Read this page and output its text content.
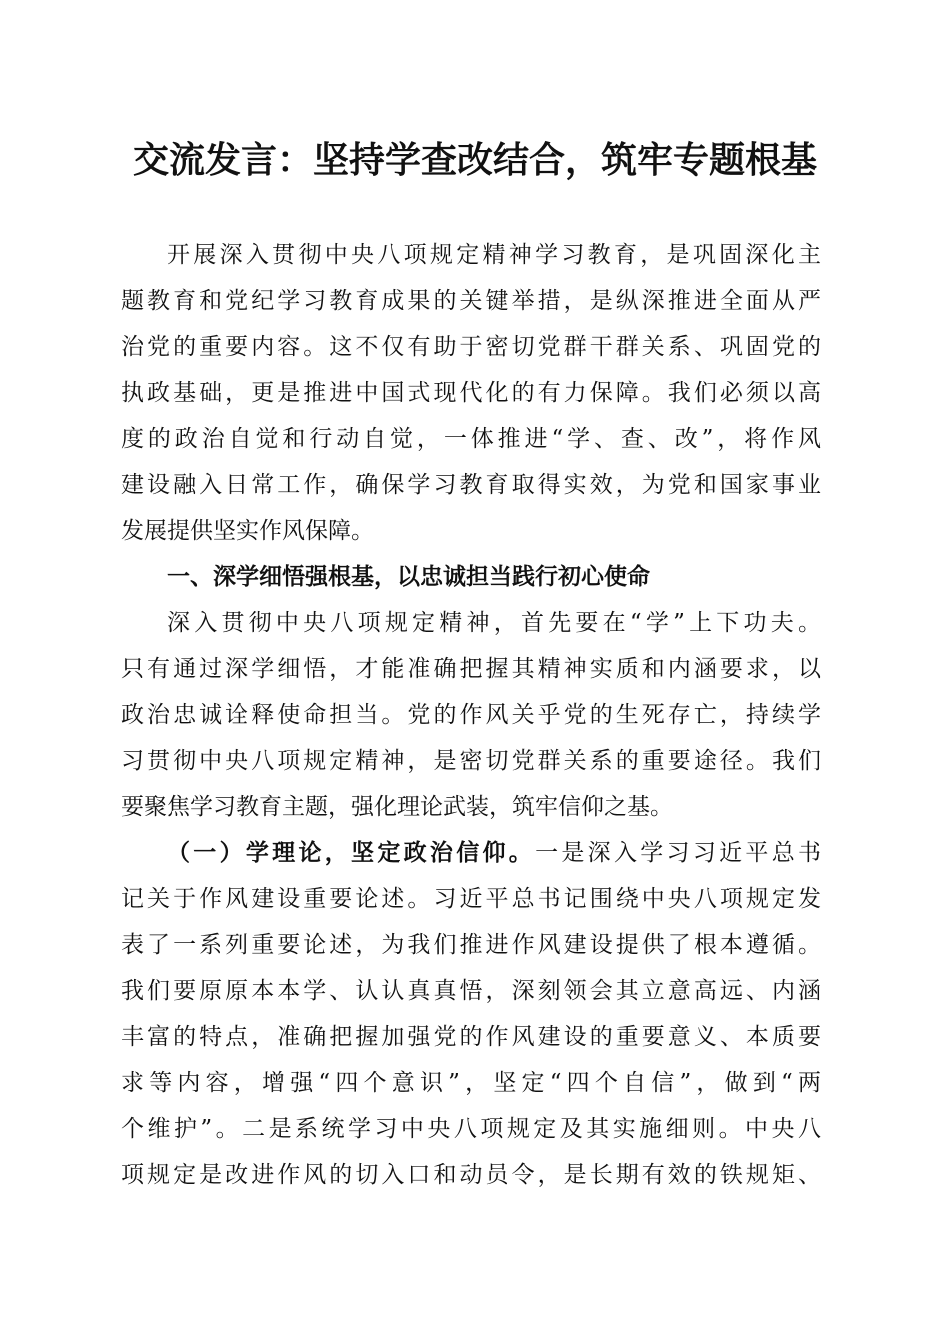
交流发言：坚持学查改结合，筑牢专题根基
开展深入贯彻中央八项规定精神学习教育，是巩固深化主
题教育和党纪学习教育成果的关键举措，是纵深推进全面从严
治党的重要内容。这不仅有助于密切党群干群关系、巩固党的
执政基础，更是推进中国式现代化的有力保障。我们必须以高
度的政治自觉和行动自觉，一体推进“学、查、改”，将作风
建设融入日常工作，确保学习教育取得实效，为党和国家事业
发展提供坚实作风保障。
一、深学细悟强根基，以忠诚担当践行初心使命
深入贯彻中央八项规定精神，首先要在“学”上下功夫。
只有通过深学细悟，才能准确把握其精神实质和内涵要求，以
政治忠诚诠释使命担当。党的作风关乎党的生死存亡，持续学
习贯彻中央八项规定精神，是密切党群关系的重要途径。我们
要聚焦学习教育主题，强化理论武装，筑牢信仰之基。
（一）学理论，坚定政治信仰。一是深入学习习近平总书
记关于作风建设重要论述。习近平总书记围绕中央八项规定发
表了一系列重要论述，为我们推进作风建设提供了根本遵循。
我们要原原本本学、认认真真悟，深刻领会其立意高远、内涵
丰富的特点，准确把握加强党的作风建设的重要意义、本质要
求等内容，增强“四个意识”，坚定“四个自信”，做到“两
个维护”。二是系统学习中央八项规定及其实施细则。中央八
项规定是改进作风的切入口和动员令，是长期有效的铁规矩、
